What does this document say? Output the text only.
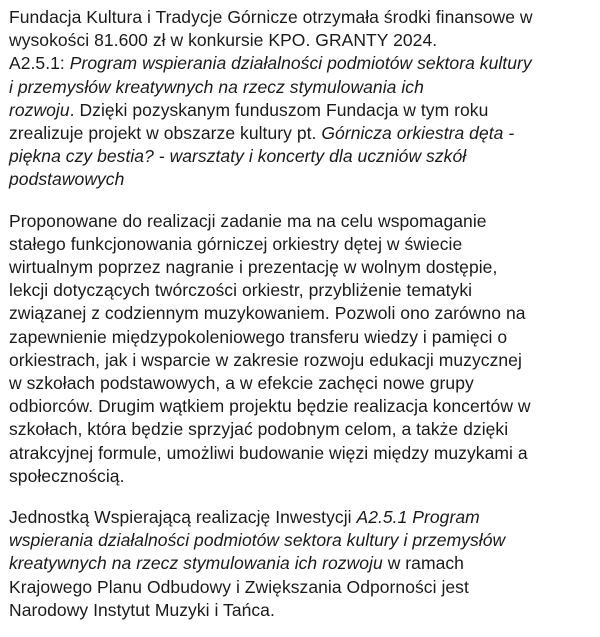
Fundacja Kultura i Tradycje Górnicze otrzymała środki finansowe w
wysokości 81.600 zł w konkursie KPO. GRANTY 2024.
A2.5.1: Program wspierania działalności podmiotów sektora kultury
i przemysłów kreatywnych na rzecz stymulowania ich
rozwoju. Dzięki pozyskanym funduszom Fundacja w tym roku
zrealizuje projekt w obszarze kultury pt. Górnicza orkiestra dęta -
piękna czy bestia? - warsztaty i koncerty dla uczniów szkół
podstawowych
Proponowane do realizacji zadanie ma na celu wspomaganie
stałego funkcjonowania górniczej orkiestry dętej w świecie
wirtualnym poprzez nagranie i prezentację w wolnym dostępie,
lekcji dotyczących twórczości orkiestr, przybliżenie tematyki
związanej z codziennym muzykowaniem. Pozwoli ono zarówno na
zapewnienie międzypokoleniowego transferu wiedzy i pamięci o
orkiestrach, jak i wsparcie w zakresie rozwoju edukacji muzycznej
w szkołach podstawowych, a w efekcie zachęci nowe grupy
odbiorców. Drugim wątkiem projektu będzie realizacja koncertów w
szkołach, która będzie sprzyjać podobnym celom, a także dzięki
atrakcyjnej formule, umożliwi budowanie więzi między muzykami a
społecznością.
Jednostką Wspierającą realizację Inwestycji A2.5.1 Program
wspierania działalności podmiotów sektora kultury i przemysłów
kreatywnych na rzecz stymulowania ich rozwoju w ramach
Krajowego Planu Odbudowy i Zwiększania Odporności jest
Narodowy Instytut Muzyki i Tańca.
